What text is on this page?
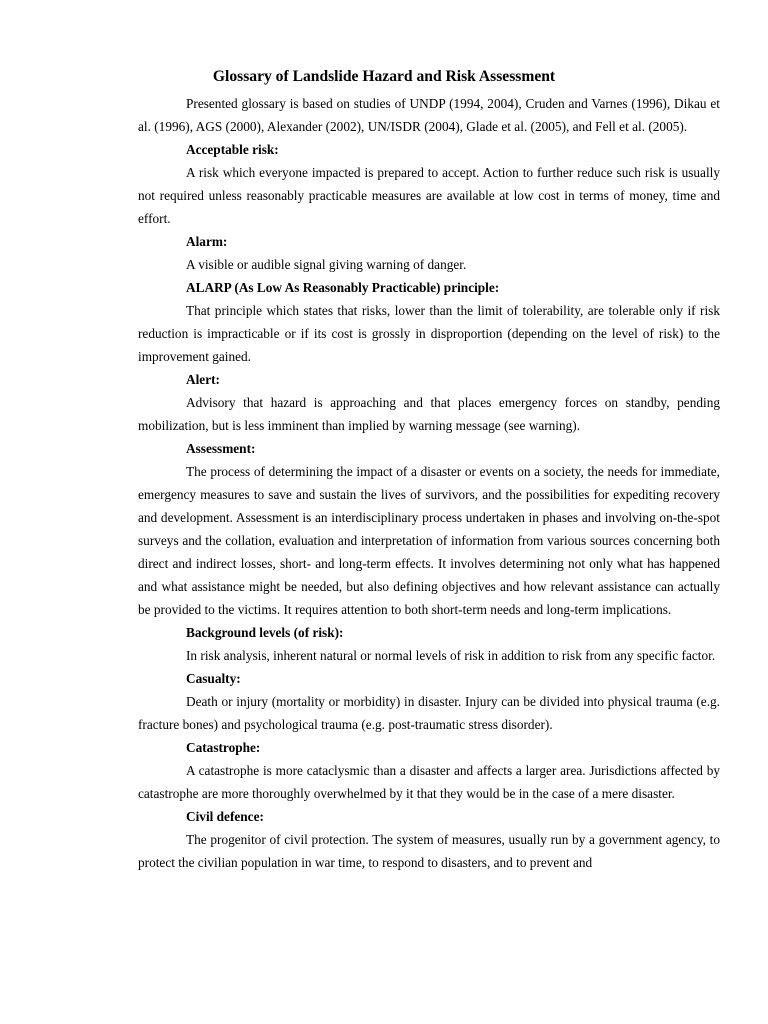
Glossary of Landslide Hazard and Risk Assessment

Presented glossary is based on studies of UNDP (1994, 2004), Cruden and Varnes (1996), Dikau et al. (1996), AGS (2000), Alexander (2002), UN/ISDR (2004), Glade et al. (2005), and Fell et al. (2005).

Acceptable risk:

A risk which everyone impacted is prepared to accept. Action to further reduce such risk is usually not required unless reasonably practicable measures are available at low cost in terms of money, time and effort.

Alarm:

A visible or audible signal giving warning of danger.

ALARP (As Low As Reasonably Practicable) principle:

That principle which states that risks, lower than the limit of tolerability, are tolerable only if risk reduction is impracticable or if its cost is grossly in disproportion (depending on the level of risk) to the improvement gained.

Alert:

Advisory that hazard is approaching and that places emergency forces on standby, pending mobilization, but is less imminent than implied by warning message (see warning).

Assessment:

The process of determining the impact of a disaster or events on a society, the needs for immediate, emergency measures to save and sustain the lives of survivors, and the possibilities for expediting recovery and development. Assessment is an interdisciplinary process undertaken in phases and involving on-the-spot surveys and the collation, evaluation and interpretation of information from various sources concerning both direct and indirect losses, short- and long-term effects. It involves determining not only what has happened and what assistance might be needed, but also defining objectives and how relevant assistance can actually be provided to the victims. It requires attention to both short-term needs and long-term implications.

Background levels (of risk):

In risk analysis, inherent natural or normal levels of risk in addition to risk from any specific factor.

Casualty:

Death or injury (mortality or morbidity) in disaster. Injury can be divided into physical trauma (e.g. fracture bones) and psychological trauma (e.g. post-traumatic stress disorder).

Catastrophe:

A catastrophe is more cataclysmic than a disaster and affects a larger area. Jurisdictions affected by catastrophe are more thoroughly overwhelmed by it that they would be in the case of a mere disaster.

Civil defence:

The progenitor of civil protection. The system of measures, usually run by a government agency, to protect the civilian population in war time, to respond to disasters, and to prevent and
